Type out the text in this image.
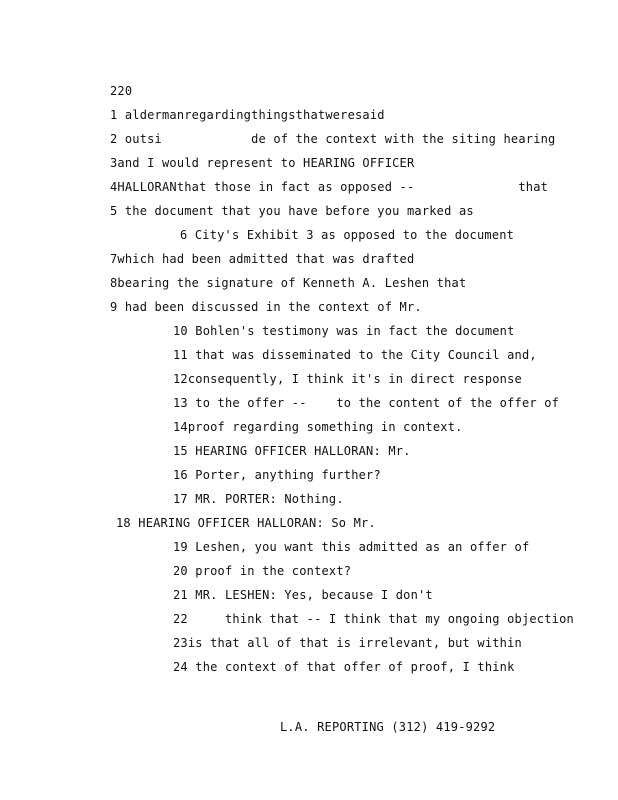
220
1 aldermanregardingthingsthatweresaid
2 outsi            de of the context with the siting hearing
3and I would represent to HEARING OFFICER
4HALLORANthat those in fact as opposed --              that
5 the document that you have before you marked as
6 City's Exhibit 3 as opposed to the document
7which had been admitted that was drafted
8bearing the signature of Kenneth A. Leshen that
9 had been discussed in the context of Mr.
10 Bohlen's testimony was in fact the document
11 that was disseminated to the City Council and,
12consequently, I think it's in direct response
13 to the offer --    to the content of the offer of
14proof regarding something in context.
15 HEARING OFFICER HALLORAN: Mr.
16 Porter, anything further?
17 MR. PORTER: Nothing.
18 HEARING OFFICER HALLORAN: So Mr.
19 Leshen, you want this admitted as an offer of
20 proof in the context?
21 MR. LESHEN: Yes, because I don't
22     think that -- I think that my ongoing objection
23is that all of that is irrelevant, but within
24 the context of that offer of proof, I think
L.A. REPORTING (312) 419-9292
